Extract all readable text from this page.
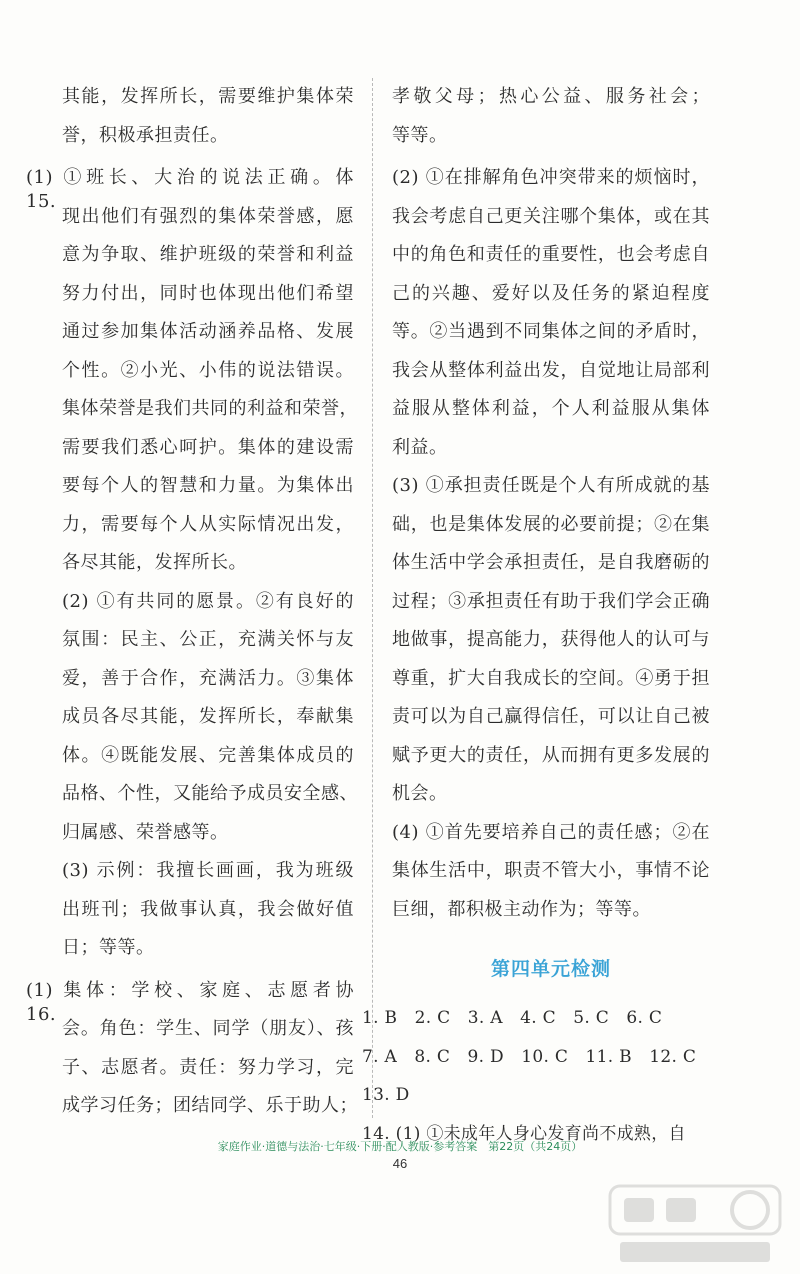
其能，发挥所长，需要维护集体荣
誉，积极承担责任。
15.
(1) ①班长、大治的说法正确。体
现出他们有强烈的集体荣誉感，愿
意为争取、维护班级的荣誉和利益
努力付出，同时也体现出他们希望
通过参加集体活动涵养品格、发展
个性。②小光、小伟的说法错误。
集体荣誉是我们共同的利益和荣誉，
需要我们悉心呵护。集体的建设需
要每个人的智慧和力量。为集体出
力，需要每个人从实际情况出发，
各尽其能，发挥所长。
(2) ①有共同的愿景。②有良好的
氛围：民主、公正，充满关怀与友
爱，善于合作，充满活力。③集体
成员各尽其能，发挥所长，奉献集
体。④既能发展、完善集体成员的
品格、个性，又能给予成员安全感、
归属感、荣誉感等。
(3) 示例：我擅长画画，我为班级
出班刊；我做事认真，我会做好值
日；等等。
16.
(1) 集体：学校、家庭、志愿者协
会。角色：学生、同学（朋友）、孩
子、志愿者。责任：努力学习，完
成学习任务；团结同学、乐于助人；
孝敬父母；热心公益、服务社会；
等等。
(2) ①在排解角色冲突带来的烦恼时，
我会考虑自己更关注哪个集体，或在其
中的角色和责任的重要性，也会考虑自
己的兴趣、爱好以及任务的紧迫程度
等。②当遇到不同集体之间的矛盾时，
我会从整体利益出发，自觉地让局部利
益服从整体利益，个人利益服从集体
利益。
(3) ①承担责任既是个人有所成就的基
础，也是集体发展的必要前提；②在集
体生活中学会承担责任，是自我磨砺的
过程；③承担责任有助于我们学会正确
地做事，提高能力，获得他人的认可与
尊重，扩大自我成长的空间。④勇于担
责可以为自己赢得信任，可以让自己被
赋予更大的责任，从而拥有更多发展的
机会。
(4) ①首先要培养自己的责任感；②在
集体生活中，职责不管大小，事情不论
巨细，都积极主动作为；等等。
第四单元检测
1. B　2. C　3. A　4. C　5. C　6. C
7. A　8. C　9. D　10. C　11. B　12. C
13. D
14. (1) ①未成年人身心发育尚不成熟，自
家庭作业·道德与法治·七年级·下册·配人教版·参考答案　第22页（共24页）
46
